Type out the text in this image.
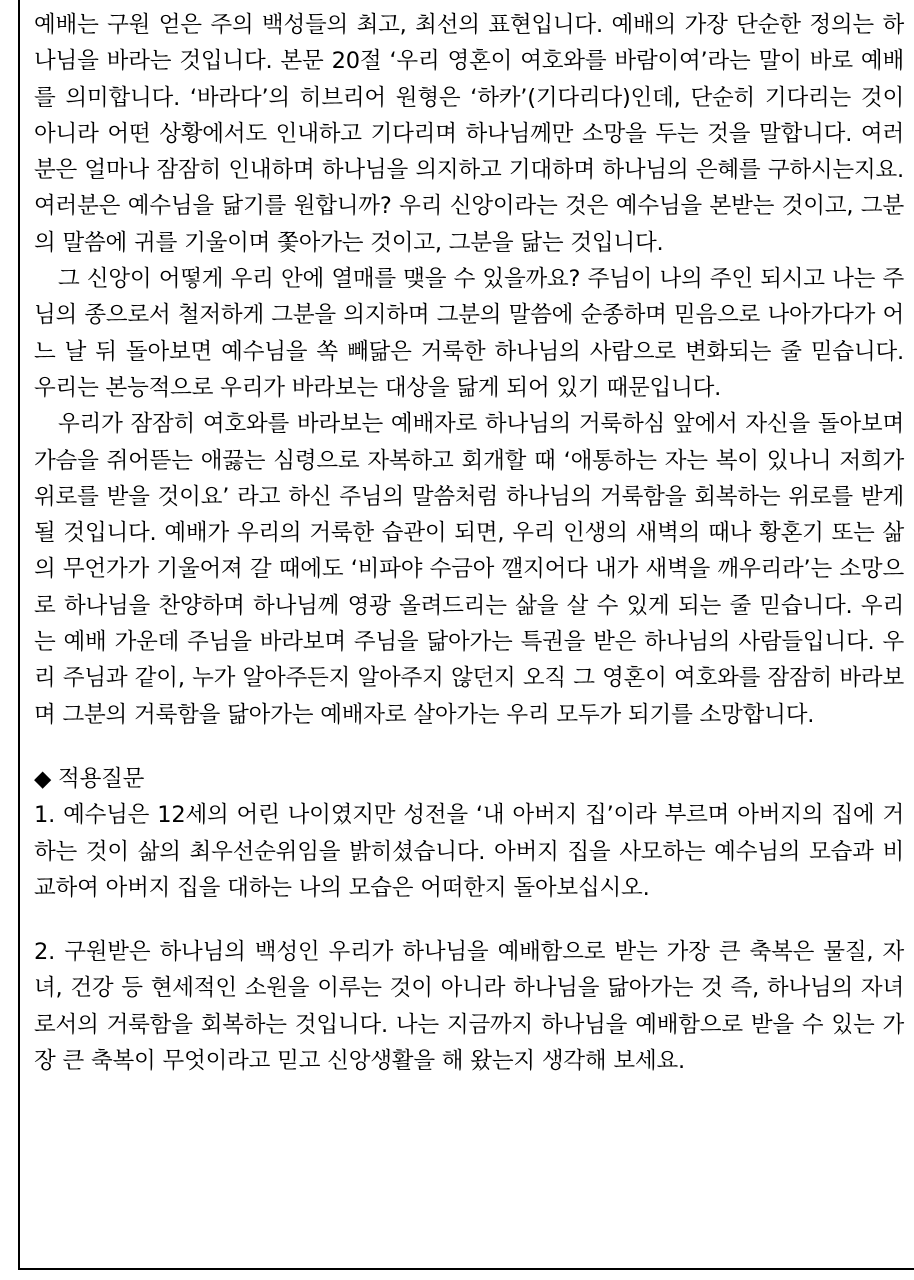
예배는 구원 얻은 주의 백성들의 최고, 최선의 표현입니다. 예배의 가장 단순한 정의는 하나님을 바라는 것입니다. 본문 20절 ‘우리 영혼이 여호와를 바람이여’라는 말이 바로 예배를 의미합니다. ‘바라다’의 히브리어 원형은 ‘하카’(기다리다)인데, 단순히 기다리는 것이 아니라 어떤 상황에서도 인내하고 기다리며 하나님께만 소망을 두는 것을 말합니다. 여러분은 얼마나 잠잠히 인내하며 하나님을 의지하고 기대하며 하나님의 은혜를 구하시는지요. 여러분은 예수님을 닮기를 원합니까? 우리 신앙이라는 것은 예수님을 본받는 것이고, 그분의 말씀에 귀를 기울이며 쫓아가는 것이고, 그분을 닮는 것입니다.

그 신앙이 어떻게 우리 안에 열매를 맺을 수 있을까요? 주님이 나의 주인 되시고 나는 주님의 종으로서 철저하게 그분을 의지하며 그분의 말씀에 순종하며 믿음으로 나아가다가 어느 날 뒤 돌아보면 예수님을 쏙 빼닮은 거룩한 하나님의 사람으로 변화되는 줄 믿습니다. 우리는 본능적으로 우리가 바라보는 대상을 닮게 되어 있기 때문입니다.

우리가 잠잠히 여호와를 바라보는 예배자로 하나님의 거룩하심 앞에서 자신을 돌아보며 가슴을 쥐어뜯는 애끓는 심령으로 자복하고 회개할 때 ‘애통하는 자는 복이 있나니 저희가 위로를 받을 것이요’ 라고 하신 주님의 말씀처럼 하나님의 거룩함을 회복하는 위로를 받게 될 것입니다. 예배가 우리의 거룩한 습관이 되면, 우리 인생의 새벽의 때나 황혼기 또는 삶의 무언가가 기울어져 갈 때에도 ‘비파야 수금아 깰지어다 내가 새벽을 깨우리라’는 소망으로 하나님을 찬양하며 하나님께 영광 올려드리는 삶을 살 수 있게 되는 줄 믿습니다. 우리는 예배 가운데 주님을 바라보며 주님을 닮아가는 특권을 받은 하나님의 사람들입니다. 우리 주님과 같이, 누가 알아주든지 알아주지 않던지 오직 그 영혼이 여호와를 잠잠히 바라보며 그분의 거룩함을 닮아가는 예배자로 살아가는 우리 모두가 되기를 소망합니다.

◆ 적용질문

1. 예수님은 12세의 어린 나이였지만 성전을 ‘내 아버지 집’이라 부르며 아버지의 집에 거하는 것이 삶의 최우선순위임을 밝히셨습니다. 아버지 집을 사모하는 예수님의 모습과 비교하여 아버지 집을 대하는 나의 모습은 어떠한지 돌아보십시오.

2. 구원받은 하나님의 백성인 우리가 하나님을 예배함으로 받는 가장 큰 축복은 물질, 자녀, 건강 등 현세적인 소원을 이루는 것이 아니라 하나님을 닮아가는 것 즉, 하나님의 자녀로서의 거룩함을 회복하는 것입니다. 나는 지금까지 하나님을 예배함으로 받을 수 있는 가장 큰 축복이 무엇이라고 믿고 신앙생활을 해 왔는지 생각해 보세요.
